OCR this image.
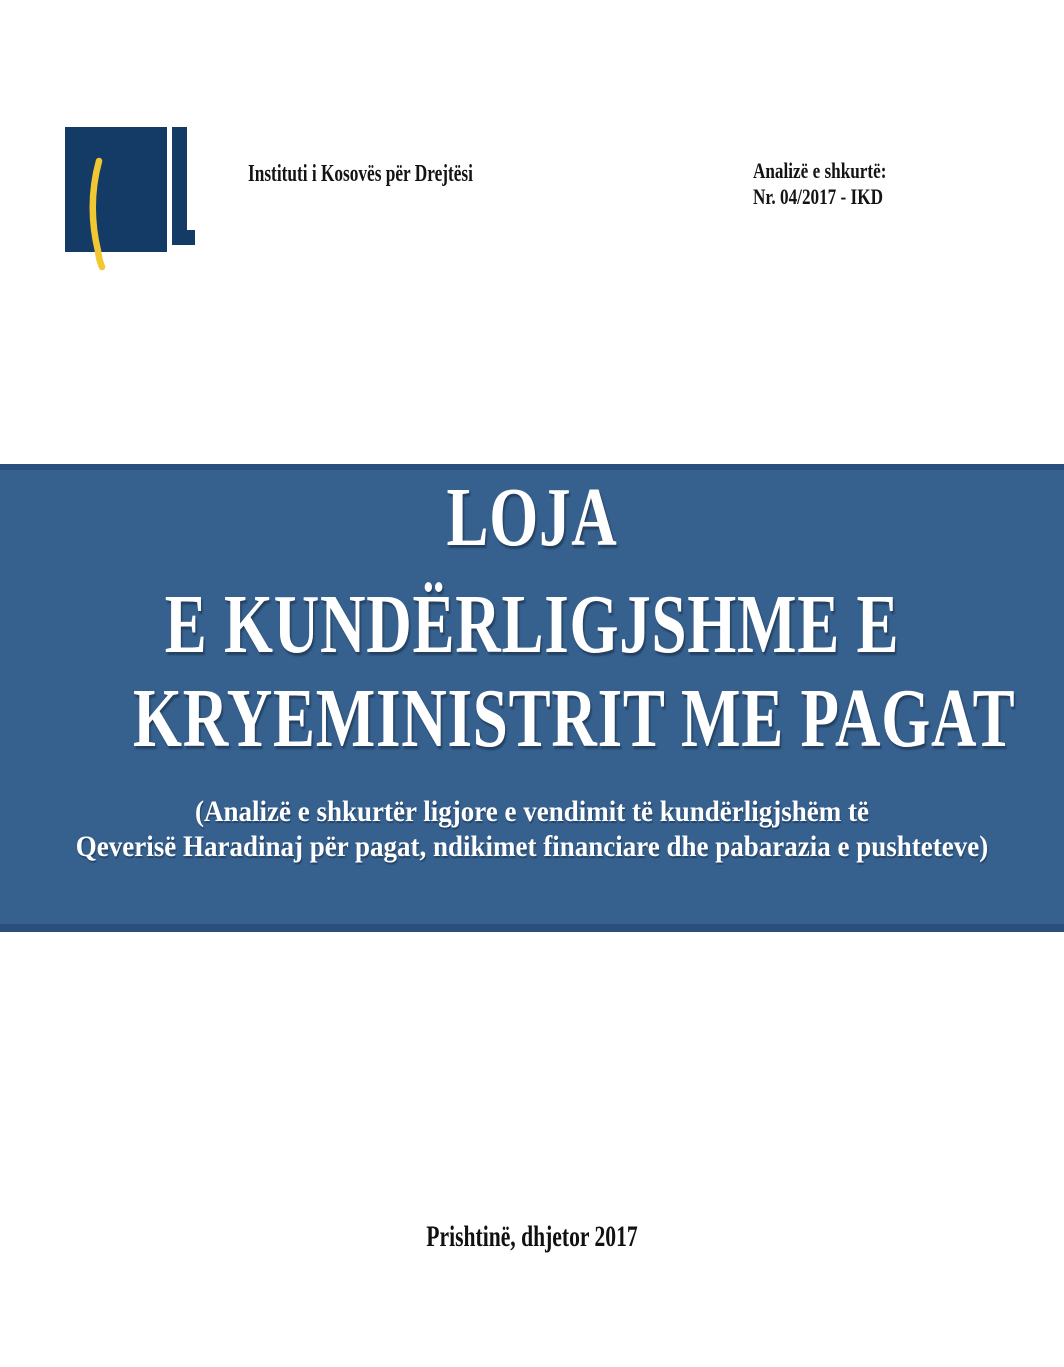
Instituti i Kosovës për Drejtësi	Analizë e shkurtë:
Nr. 04/2017 - IKD
LOJA
E KUNDËRLIGJSHME E
KRYEMINISTRIT ME PAGAT
(Analizë e shkurtër ligjore e vendimit të kundërligjshëm të
Qeverisë Haradinaj për pagat, ndikimet financiare dhe pabarazia e pushteteve)
Prishtinë, dhjetor 2017
